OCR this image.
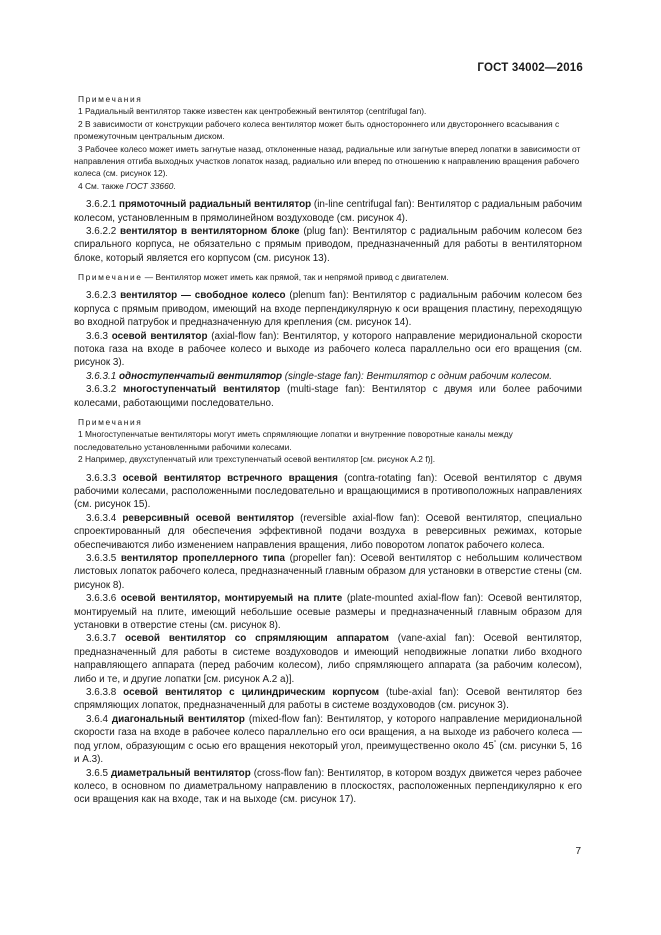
ГОСТ 34002—2016
Примечания
1 Радиальный вентилятор также известен как центробежный вентилятор (centrifugal fan).
2 В зависимости от конструкции рабочего колеса вентилятор может быть одностороннего или двустороннего всасывания с промежуточным центральным диском.
3 Рабочее колесо может иметь загнутые назад, отклоненные назад, радиальные или загнутые вперед лопатки в зависимости от направления отгиба выходных участков лопаток назад, радиально или вперед по отношению к направлению вращения рабочего колеса (см. рисунок 12).
4 См. также ГОСТ 33660.

3.6.2.1 прямоточный радиальный вентилятор (in-line centrifugal fan): Вентилятор с радиальным рабочим колесом, установленным в прямолинейном воздуховоде (см. рисунок 4).

3.6.2.2 вентилятор в вентиляторном блоке (plug fan): Вентилятор с радиальным рабочим колесом без спирального корпуса, не обязательно с прямым приводом, предназначенный для работы в вентиляторном блоке, который является его корпусом (см. рисунок 13).

Примечание — Вентилятор может иметь как прямой, так и непрямой привод с двигателем.

3.6.2.3 вентилятор — свободное колесо (plenum fan): Вентилятор с радиальным рабочим колесом без корпуса с прямым приводом, имеющий на входе перпендикулярную к оси вращения пластину, переходящую во входной патрубок и предназначенную для крепления (см. рисунок 14).

3.6.3 осевой вентилятор (axial-flow fan): Вентилятор, у которого направление меридиональной скорости потока газа на входе в рабочее колесо и выходе из рабочего колеса параллельно оси его вращения (см. рисунок 3).

3.6.3.1 одноступенчатый вентилятор (single-stage fan): Вентилятор с одним рабочим колесом.

3.6.3.2 многоступенчатый вентилятор (multi-stage fan): Вентилятор с двумя или более рабочими колесами, работающими последовательно.

Примечания
1 Многоступенчатые вентиляторы могут иметь спрямляющие лопатки и внутренние поворотные каналы между последовательно установленными рабочими колесами.
2 Например, двухступенчатый или трехступенчатый осевой вентилятор [см. рисунок А.2 f)].

3.6.3.3 осевой вентилятор встречного вращения (contra-rotating fan): Осевой вентилятор с двумя рабочими колесами, расположенными последовательно и вращающимися в противоположных направлениях (см. рисунок 15).

3.6.3.4 реверсивный осевой вентилятор (reversible axial-flow fan): Осевой вентилятор, специально спроектированный для обеспечения эффективной подачи воздуха в реверсивных режимах, которые обеспечиваются либо изменением направления вращения, либо поворотом лопаток рабочего колеса.

3.6.3.5 вентилятор пропеллерного типа (propeller fan): Осевой вентилятор с небольшим количеством листовых лопаток рабочего колеса, предназначенный главным образом для установки в отверстие стены (см. рисунок 8).

3.6.3.6 осевой вентилятор, монтируемый на плите (plate-mounted axial-flow fan): Осевой вентилятор, монтируемый на плите, имеющий небольшие осевые размеры и предназначенный главным образом для установки в отверстие стены (см. рисунок 8).

3.6.3.7 осевой вентилятор со спрямляющим аппаратом (vane-axial fan): Осевой вентилятор, предназначенный для работы в системе воздуховодов и имеющий неподвижные лопатки либо входного направляющего аппарата (перед рабочим колесом), либо спрямляющего аппарата (за рабочим колесом), либо и те, и другие лопатки [см. рисунок А.2 а)].

3.6.3.8 осевой вентилятор с цилиндрическим корпусом (tube-axial fan): Осевой вентилятор без спрямляющих лопаток, предназначенный для работы в системе воздуховодов (см. рисунок 3).

3.6.4 диагональный вентилятор (mixed-flow fan): Вентилятор, у которого направление меридиональной скорости газа на входе в рабочее колесо параллельно его оси вращения, а на выходе из рабочего колеса — под углом, образующим с осью его вращения некоторый угол, преимущественно около 45° (см. рисунки 5, 16 и А.3).

3.6.5 диаметральный вентилятор (cross-flow fan): Вентилятор, в котором воздух движется через рабочее колесо, в основном по диаметральному направлению в плоскостях, расположенных перпендикулярно к его оси вращения как на входе, так и на выходе (см. рисунок 17).

7
